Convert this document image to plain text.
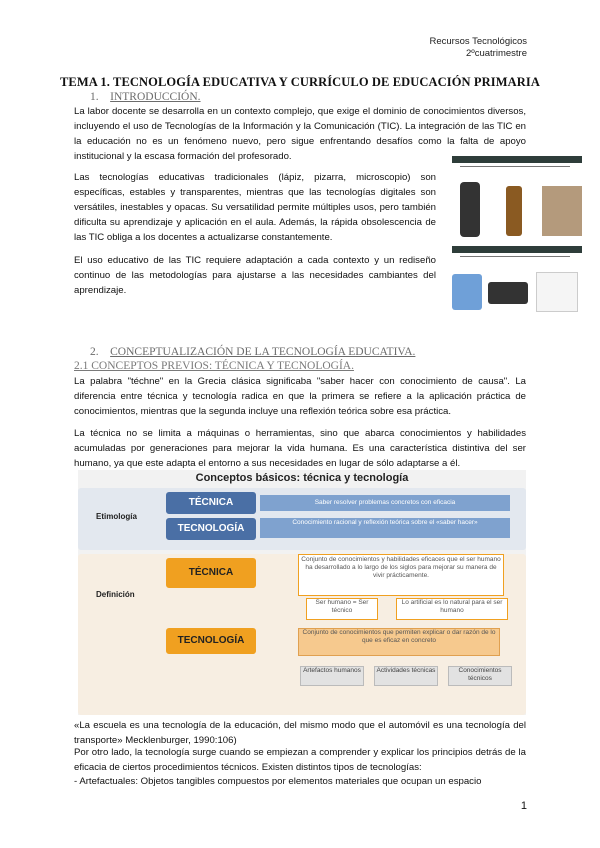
Recursos Tecnológicos
2ºcuatrimestre
TEMA 1. TECNOLOGÍA EDUCATIVA Y CURRÍCULO DE EDUCACIÓN PRIMARIA
1. INTRODUCCIÓN.

La labor docente se desarrolla en un contexto complejo, que exige el dominio de conocimientos diversos, incluyendo el uso de Tecnologías de la Información y la Comunicación (TIC). La integración de las TIC en la educación no es un fenómeno nuevo, pero sigue enfrentando desafíos como la falta de apoyo institucional y la escasa formación del profesorado.

Las tecnologías educativas tradicionales (lápiz, pizarra, microscopio) son específicas, estables y transparentes, mientras que las tecnologías digitales son versátiles, inestables y opacas. Su versatilidad permite múltiples usos, pero también dificulta su aprendizaje y aplicación en el aula. Además, la rápida obsolescencia de las TIC obliga a los docentes a actualizarse constantemente.

El uso educativo de las TIC requiere adaptación a cada contexto y un rediseño continuo de las metodologías para ajustarse a las necesidades cambiantes del aprendizaje.

2. CONCEPTUALIZACIÓN DE LA TECNOLOGÍA EDUCATIVA.
2.1 CONCEPTOS PREVIOS: TÉCNICA Y TECNOLOGÍA.

La palabra "téchne" en la Grecia clásica significaba "saber hacer con conocimiento de causa". La diferencia entre técnica y tecnología radica en que la primera se refiere a la aplicación práctica de conocimientos, mientras que la segunda incluye una reflexión teórica sobre esa práctica.

La técnica no se limita a máquinas o herramientas, sino que abarca conocimientos y habilidades acumuladas por generaciones para mejorar la vida humana. Es una característica distintiva del ser humano, ya que este adapta el entorno a sus necesidades en lugar de sólo adaptarse a él.

Conceptos básicos: técnica y tecnología
Etimología
TÉCNICA	Saber resolver problemas concretos con eficacia
TECNOLOGÍA
Conocimiento racional y reflexión teórica sobre el «saber hacer»
Definición
TÉCNICA
Conjunto de conocimientos y habilidades eficaces que el ser humano ha desarrollado a lo largo de los siglos para mejorar su manera de vivir prácticamente.
Ser humano = Ser técnico
Lo artificial es lo natural para el ser humano
TECNOLOGÍA
Conjunto de conocimientos que permiten explicar o dar razón de lo que es eficaz en concreto
Artefactos humanos	Actividades técnicas	Conocimientos técnicos

«La escuela es una tecnología de la educación, del mismo modo que el automóvil es una tecnología del transporte» Mecklenburger, 1990:106)

Por otro lado, la tecnología surge cuando se empiezan a comprender y explicar los principios detrás de la eficacia de ciertos procedimientos técnicos. Existen distintos tipos de tecnologías:

- Artefactuales: Objetos tangibles compuestos por elementos materiales que ocupan un espacio

1
